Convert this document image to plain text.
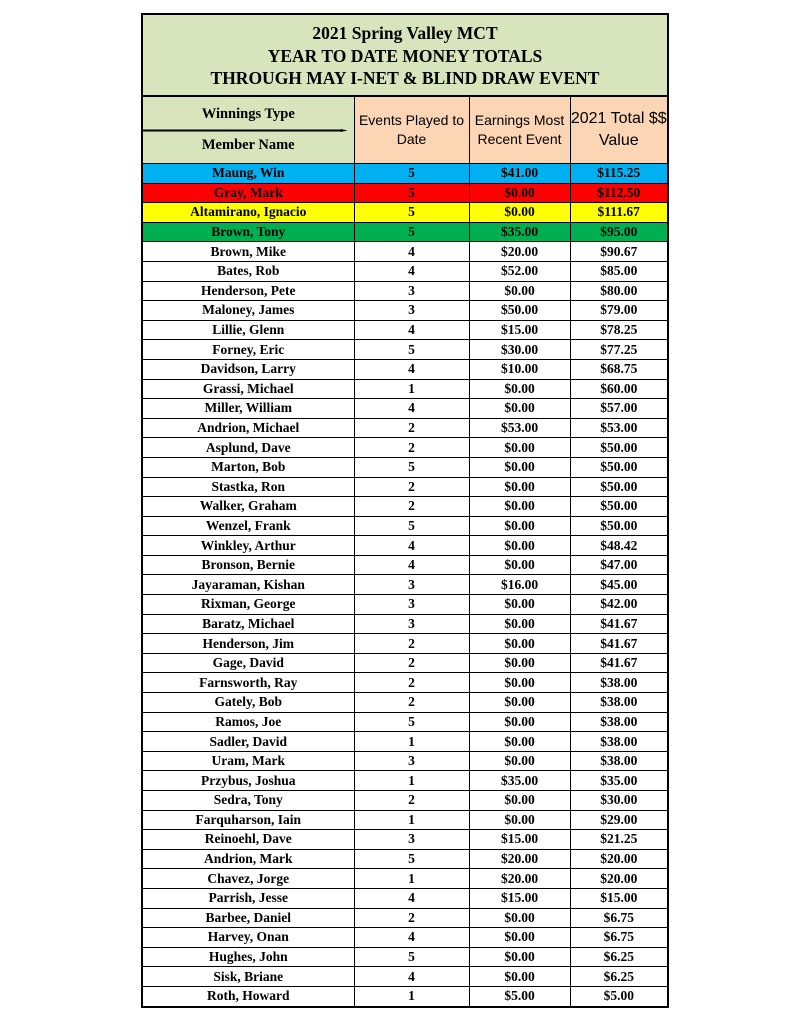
2021 Spring Valley MCT
YEAR TO DATE MONEY TOTALS
THROUGH MAY I-NET & BLIND DRAW EVENT
Winnings Type
Member Name	Events Played to Date	Earnings Most Recent Event	2021 Total $$ Value
Maung, Win	5	$41.00	$115.25
Gray, Mark	5	$0.00	$112.50
Altamirano, Ignacio	5	$0.00	$111.67
Brown, Tony	5	$35.00	$95.00
Brown, Mike	4	$20.00	$90.67
Bates, Rob	4	$52.00	$85.00
Henderson, Pete	3	$0.00	$80.00
Maloney, James	3	$50.00	$79.00
Lillie, Glenn	4	$15.00	$78.25
Forney, Eric	5	$30.00	$77.25
Davidson, Larry	4	$10.00	$68.75
Grassi, Michael	1	$0.00	$60.00
Miller, William	4	$0.00	$57.00
Andrion, Michael	2	$53.00	$53.00
Asplund, Dave	2	$0.00	$50.00
Marton, Bob	5	$0.00	$50.00
Stastka, Ron	2	$0.00	$50.00
Walker, Graham	2	$0.00	$50.00
Wenzel, Frank	5	$0.00	$50.00
Winkley, Arthur	4	$0.00	$48.42
Bronson, Bernie	4	$0.00	$47.00
Jayaraman, Kishan	3	$16.00	$45.00
Rixman, George	3	$0.00	$42.00
Baratz, Michael	3	$0.00	$41.67
Henderson, Jim	2	$0.00	$41.67
Gage, David	2	$0.00	$41.67
Farnsworth, Ray	2	$0.00	$38.00
Gately, Bob	2	$0.00	$38.00
Ramos, Joe	5	$0.00	$38.00
Sadler, David	1	$0.00	$38.00
Uram, Mark	3	$0.00	$38.00
Przybus, Joshua	1	$35.00	$35.00
Sedra, Tony	2	$0.00	$30.00
Farquharson, Iain	1	$0.00	$29.00
Reinoehl, Dave	3	$15.00	$21.25
Andrion, Mark	5	$20.00	$20.00
Chavez, Jorge	1	$20.00	$20.00
Parrish, Jesse	4	$15.00	$15.00
Barbee, Daniel	2	$0.00	$6.75
Harvey, Onan	4	$0.00	$6.75
Hughes, John	5	$0.00	$6.25
Sisk, Briane	4	$0.00	$6.25
Roth, Howard	1	$5.00	$5.00
